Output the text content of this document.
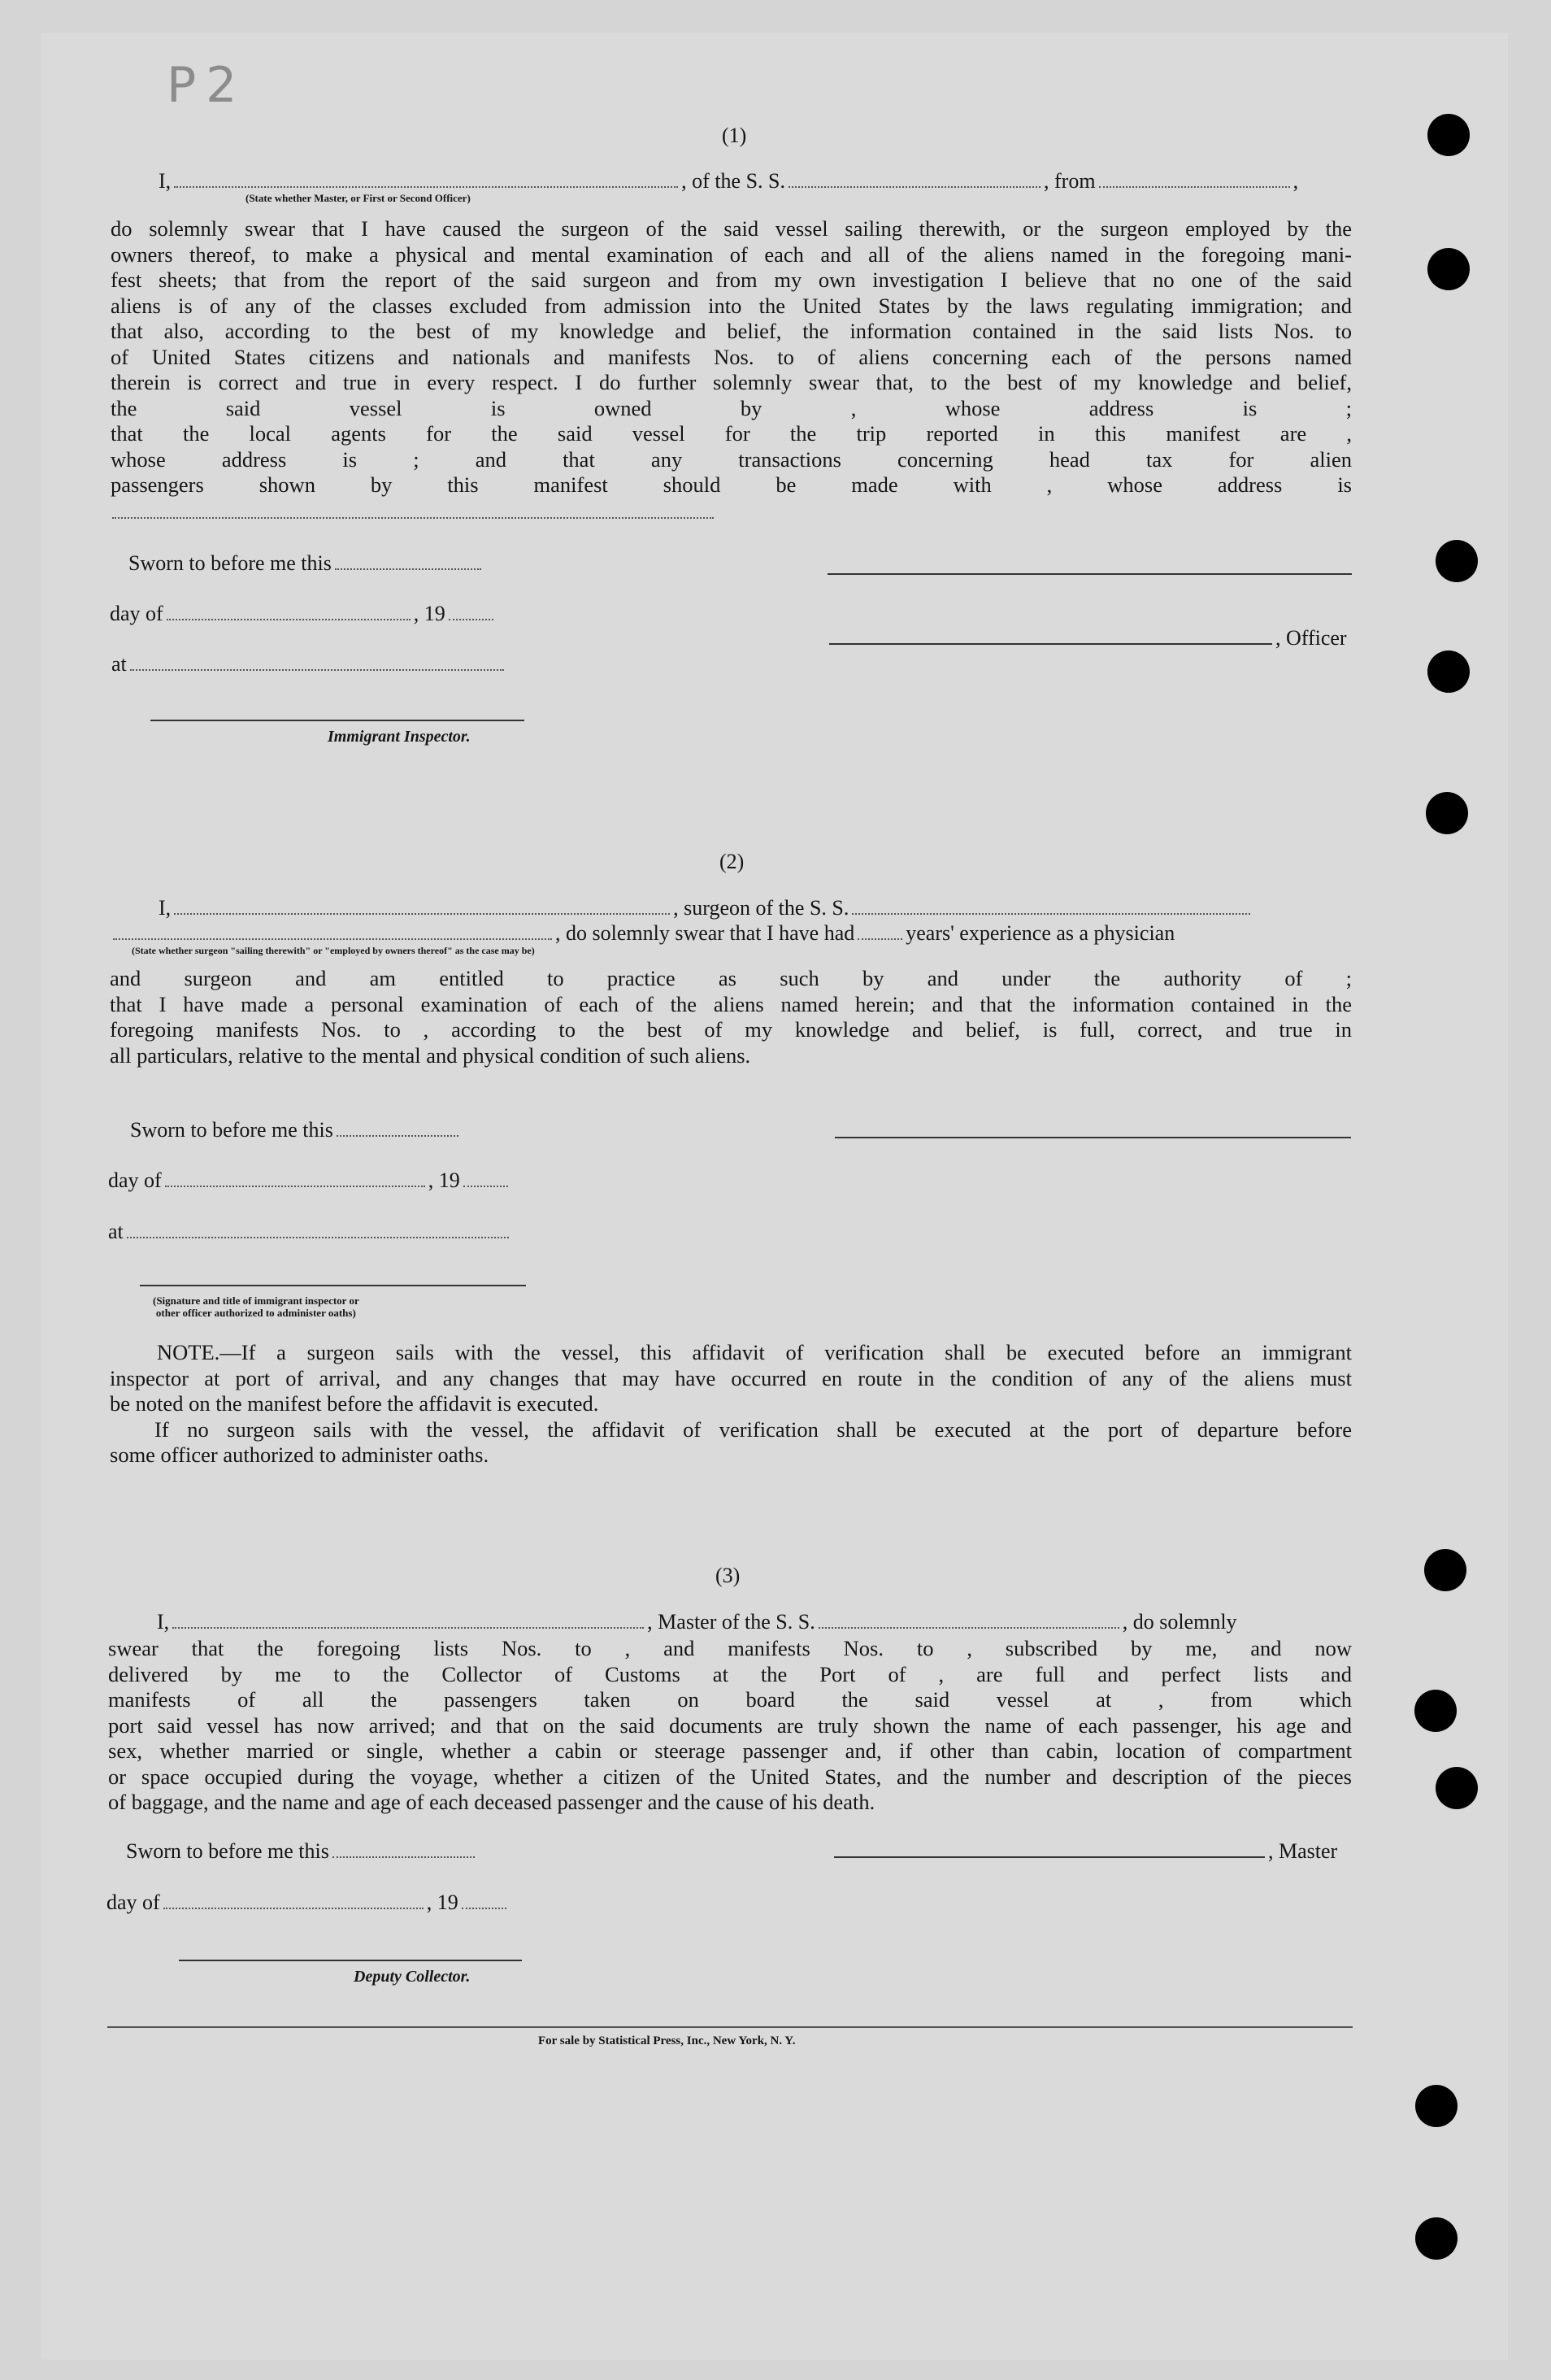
P2
(1)
I,	, of the S. S.	, from	,
(State whether Master, or First or Second Officer)
do solemnly swear that I have caused the surgeon of the said vessel sailing therewith, or the surgeon employed by the
owners thereof, to make a physical and mental examination of each and all of the aliens named in the foregoing mani-
fest sheets; that from the report of the said surgeon and from my own investigation I believe that no one of the said
aliens is of any of the classes excluded from admission into the United States by the laws regulating immigration; and
that also, according to the best of my knowledge and belief, the information contained in the said lists Nos. to
of United States citizens and nationals and manifests Nos. to of aliens concerning each of the persons named
therein is correct and true in every respect. I do further solemnly swear that, to the best of my knowledge and belief,
the said vessel is owned by , whose address is ;
that the local agents for the said vessel for the trip reported in this manifest are ,
whose address is ; and that any transactions concerning head tax for alien
passengers shown by this manifest should be made with , whose address is
Sworn to before me this
day of	, 19
, Officer
at
Immigrant Inspector.
(2)
I,	, surgeon of the S. S.
, do solemnly swear that I have had years' experience as a physician
(State whether surgeon "sailing therewith" or "employed by owners thereof" as the case may be)
and surgeon and am entitled to practice as such by and under the authority of ;
that I have made a personal examination of each of the aliens named herein; and that the information contained in the
foregoing manifests Nos. to , according to the best of my knowledge and belief, is full, correct, and true in
all particulars, relative to the mental and physical condition of such aliens.
Sworn to before me this
day of	, 19
at
(Signature and title of immigrant inspector or
other officer authorized to administer oaths)
NOTE.—If a surgeon sails with the vessel, this affidavit of verification shall be executed before an immigrant
inspector at port of arrival, and any changes that may have occurred en route in the condition of any of the aliens must
be noted on the manifest before the affidavit is executed.
If no surgeon sails with the vessel, the affidavit of verification shall be executed at the port of departure before
some officer authorized to administer oaths.
(3)
I,	, Master of the S. S.	, do solemnly
swear that the foregoing lists Nos. to , and manifests Nos. to , subscribed by me, and now
delivered by me to the Collector of Customs at the Port of , are full and perfect lists and
manifests of all the passengers taken on board the said vessel at , from which
port said vessel has now arrived; and that on the said documents are truly shown the name of each passenger, his age and
sex, whether married or single, whether a cabin or steerage passenger and, if other than cabin, location of compartment
or space occupied during the voyage, whether a citizen of the United States, and the number and description of the pieces
of baggage, and the name and age of each deceased passenger and the cause of his death.
Sworn to before me this	, Master
day of	, 19
Deputy Collector.
For sale by Statistical Press, Inc., New York, N. Y.
